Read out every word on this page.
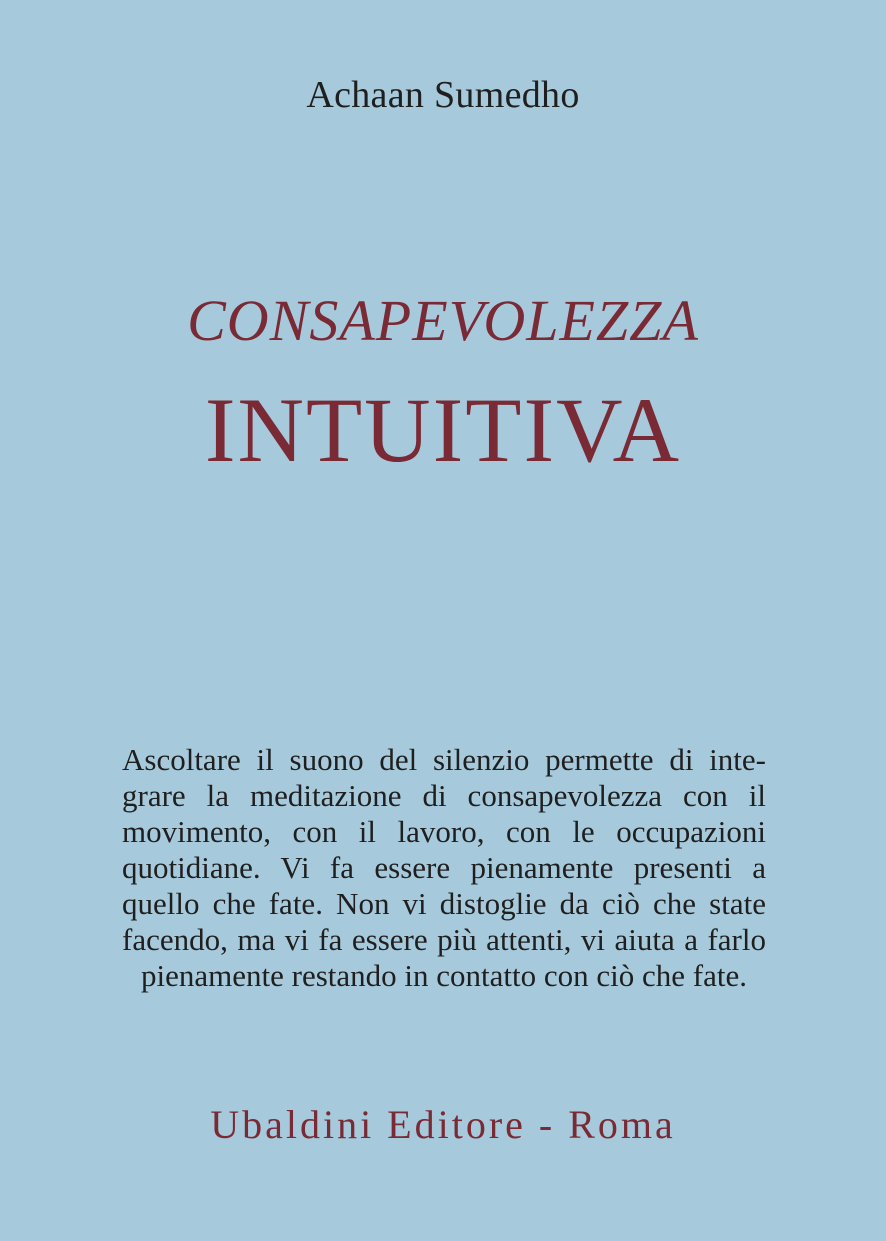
Achaan Sumedho
CONSAPEVOLEZZA
INTUITIVA
Ascoltare il suono del silenzio permette di inte-
grare la meditazione di consapevolezza con il
movimento, con il lavoro, con le occupazioni
quotidiane. Vi fa essere pienamente presenti a
quello che fate. Non vi distoglie da ciò che state
facendo, ma vi fa essere più attenti, vi aiuta a farlo
pienamente restando in contatto con ciò che fate.
Ubaldini Editore - Roma
